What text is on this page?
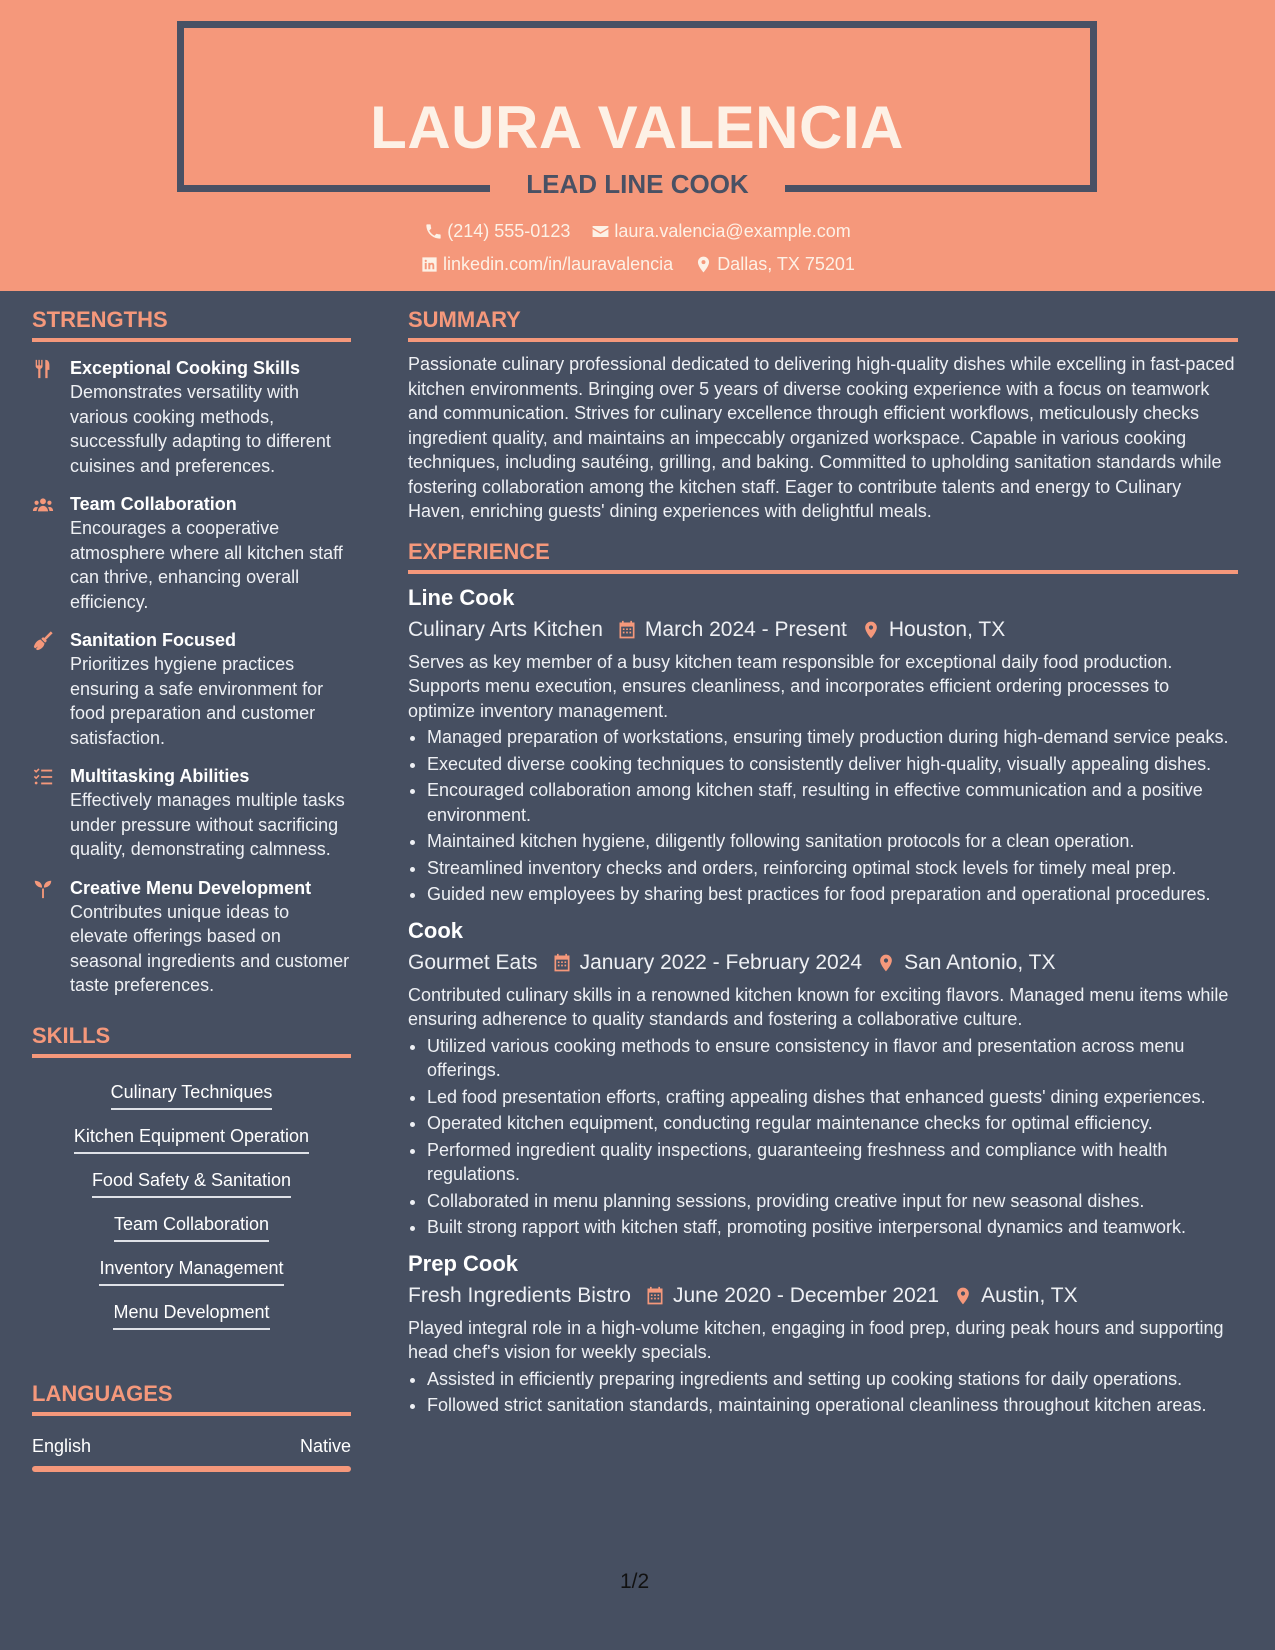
LAURA VALENCIA
LEAD LINE COOK
(214) 555-0123
laura.valencia@example.com
linkedin.com/in/lauravalencia
Dallas, TX 75201
STRENGTHS
Exceptional Cooking Skills
Demonstrates versatility with various cooking methods, successfully adapting to different cuisines and preferences.
Team Collaboration
Encourages a cooperative atmosphere where all kitchen staff can thrive, enhancing overall efficiency.
Sanitation Focused
Prioritizes hygiene practices ensuring a safe environment for food preparation and customer satisfaction.
Multitasking Abilities
Effectively manages multiple tasks under pressure without sacrificing quality, demonstrating calmness.
Creative Menu Development
Contributes unique ideas to elevate offerings based on seasonal ingredients and customer taste preferences.
SKILLS
Culinary Techniques
Kitchen Equipment Operation
Food Safety & Sanitation
Team Collaboration
Inventory Management
Menu Development
LANGUAGES
English	Native
SUMMARY

Passionate culinary professional dedicated to delivering high-quality dishes while excelling in fast-paced kitchen environments. Bringing over 5 years of diverse cooking experience with a focus on teamwork and communication. Strives for culinary excellence through efficient workflows, meticulously checks ingredient quality, and maintains an impeccably organized workspace. Capable in various cooking techniques, including sautéing, grilling, and baking. Committed to upholding sanitation standards while fostering collaboration among the kitchen staff. Eager to contribute talents and energy to Culinary Haven, enriching guests' dining experiences with delightful meals.

EXPERIENCE
Line Cook
Culinary Arts Kitchen March 2024 - Present Houston, TX
Serves as key member of a busy kitchen team responsible for exceptional daily food production. Supports menu execution, ensures cleanliness, and incorporates efficient ordering processes to optimize inventory management.
• Managed preparation of workstations, ensuring timely production during high-demand service peaks.
• Executed diverse cooking techniques to consistently deliver high-quality, visually appealing dishes.
• Encouraged collaboration among kitchen staff, resulting in effective communication and a positive environment.
• Maintained kitchen hygiene, diligently following sanitation protocols for a clean operation.
• Streamlined inventory checks and orders, reinforcing optimal stock levels for timely meal prep.
• Guided new employees by sharing best practices for food preparation and operational procedures.
Cook
Gourmet Eats January 2022 - February 2024 San Antonio, TX
Contributed culinary skills in a renowned kitchen known for exciting flavors. Managed menu items while ensuring adherence to quality standards and fostering a collaborative culture.
• Utilized various cooking methods to ensure consistency in flavor and presentation across menu offerings.
• Led food presentation efforts, crafting appealing dishes that enhanced guests' dining experiences.
• Operated kitchen equipment, conducting regular maintenance checks for optimal efficiency.
• Performed ingredient quality inspections, guaranteeing freshness and compliance with health regulations.
• Collaborated in menu planning sessions, providing creative input for new seasonal dishes.
• Built strong rapport with kitchen staff, promoting positive interpersonal dynamics and teamwork.
Prep Cook
Fresh Ingredients Bistro June 2020 - December 2021 Austin, TX
Played integral role in a high-volume kitchen, engaging in food prep, during peak hours and supporting head chef's vision for weekly specials.
• Assisted in efficiently preparing ingredients and setting up cooking stations for daily operations.
• Followed strict sanitation standards, maintaining operational cleanliness throughout kitchen areas.
1/2
